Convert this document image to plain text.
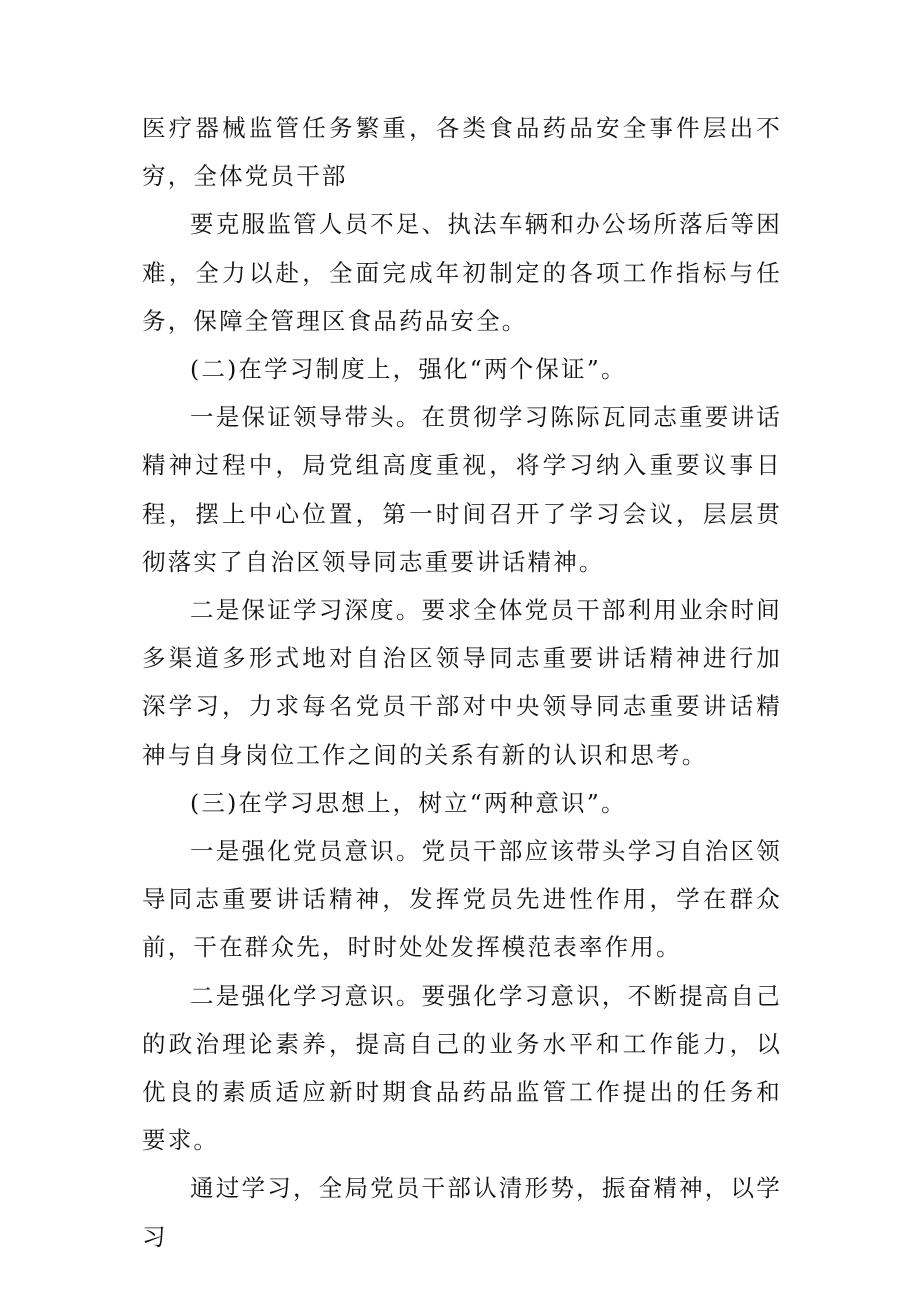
医疗器械监管任务繁重，各类食品药品安全事件层出不穷，全体党员干部

要克服监管人员不足、执法车辆和办公场所落后等困难，全力以赴，全面完成年初制定的各项工作指标与任务，保障全管理区食品药品安全。

(二)在学习制度上，强化“两个保证”。

一是保证领导带头。在贯彻学习陈际瓦同志重要讲话精神过程中，局党组高度重视，将学习纳入重要议事日程，摆上中心位置，第一时间召开了学习会议，层层贯彻落实了自治区领导同志重要讲话精神。

二是保证学习深度。要求全体党员干部利用业余时间多渠道多形式地对自治区领导同志重要讲话精神进行加深学习，力求每名党员干部对中央领导同志重要讲话精神与自身岗位工作之间的关系有新的认识和思考。

(三)在学习思想上，树立“两种意识”。

一是强化党员意识。党员干部应该带头学习自治区领导同志重要讲话精神，发挥党员先进性作用，学在群众前，干在群众先，时时处处发挥模范表率作用。

二是强化学习意识。要强化学习意识，不断提高自己的政治理论素养，提高自己的业务水平和工作能力，以优良的素质适应新时期食品药品监管工作提出的任务和要求。

通过学习，全局党员干部认清形势，振奋精神，以学习
